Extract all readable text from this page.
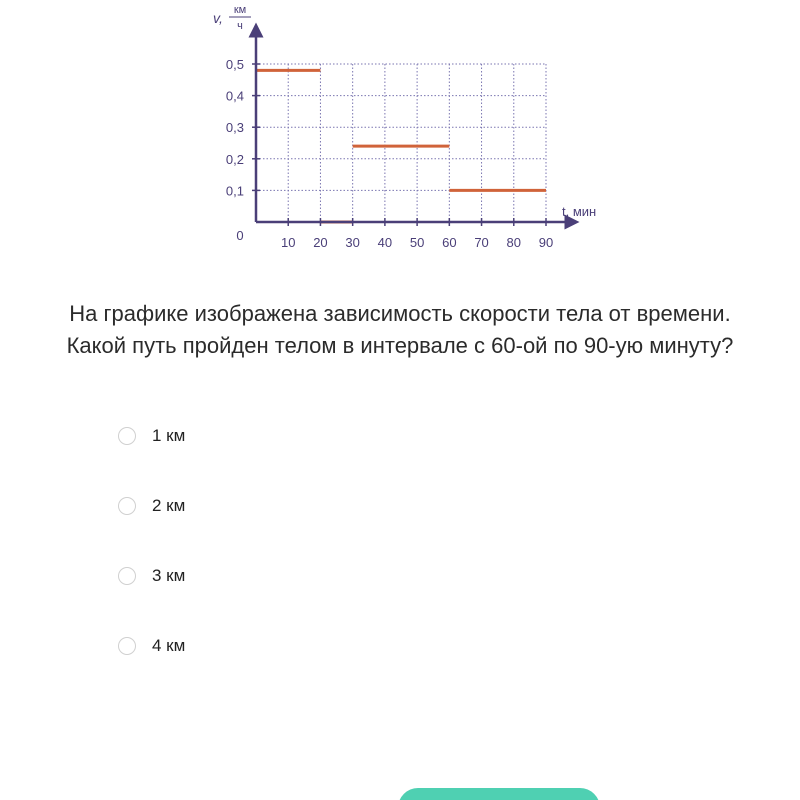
10 20 30 40 50 60 70 80 90
0,1
0,2
0,3
0,4
0,5
0
t, мин
v, км
ч
На графике изображена зависимость скорости тела от времени.
Какой путь пройден телом в интервале с 60-ой по 90-ую минуту?
1 км
2 км
3 км
4 км
